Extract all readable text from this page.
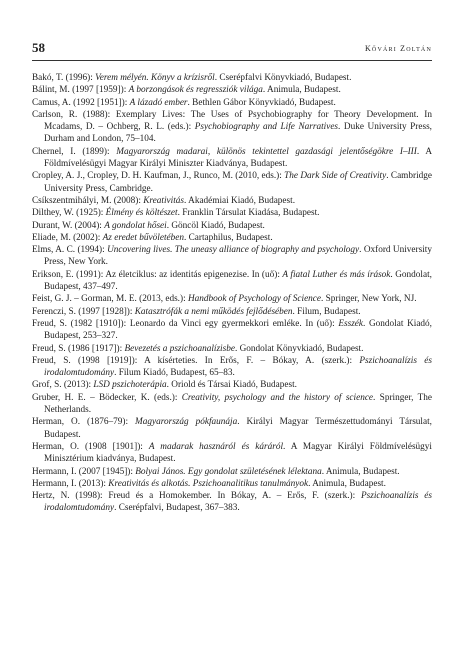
58	Kővári Zoltán
Bakó, T. (1996): Verem mélyén. Könyv a krízisről. Cserépfalvi Könyvkiadó, Budapest.
Bálint, M. (1997 [1959]): A borzongások és regressziók világa. Animula, Budapest.
Camus, A. (1992 [1951]): A lázadó ember. Bethlen Gábor Könyvkiadó, Budapest.
Carlson, R. (1988): Exemplary Lives: The Uses of Psychobiography for Theory Development. In Mcadams, D. – Ochberg, R. L. (eds.): Psychobiography and Life Narratives. Duke University Press, Durham and London, 75–104.
Chernel, I. (1899): Magyarország madarai, különös tekintettel gazdasági jelentőségökre I–III. A Földmívelésügyi Magyar Királyi Miniszter Kiadványa, Budapest.
Cropley, A. J., Cropley, D. H. Kaufman, J., Runco, M. (2010, eds.): The Dark Side of Creativity. Cambridge University Press, Cambridge.
Csíkszentmihályi, M. (2008): Kreativitás. Akadémiai Kiadó, Budapest.
Dilthey, W. (1925): Élmény és költészet. Franklin Társulat Kiadása, Budapest.
Durant, W. (2004): A gondolat hősei. Göncöl Kiadó, Budapest.
Eliade, M. (2002): Az eredet bűvöletében. Cartaphilus, Budapest.
Elms, A. C. (1994): Uncovering lives. The uneasy alliance of biography and psychology. Oxford University Press, New York.
Erikson, E. (1991): Az életciklus: az identitás epigenezise. In (uő): A fiatal Luther és más írások. Gondolat, Budapest, 437–497.
Feist, G. J. – Gorman, M. E. (2013, eds.): Handbook of Psychology of Science. Springer, New York, NJ.
Ferenczi, S. (1997 [1928]): Katasztrófák a nemi működés fejlődésében. Filum, Budapest.
Freud, S. (1982 [1910]): Leonardo da Vinci egy gyermekkori emléke. In (uő): Esszék. Gondolat Kiadó, Budapest, 253–327.
Freud, S. (1986 [1917]): Bevezetés a pszichoanalízisbe. Gondolat Könyvkiadó, Budapest.
Freud, S. (1998 [1919]): A kísérteties. In Erős, F. – Bókay, A. (szerk.): Pszichoanalízis és irodalomtudomány. Filum Kiadó, Budapest, 65–83.
Grof, S. (2013): LSD pszichoterápia. Oriold és Társai Kiadó, Budapest.
Gruber, H. E. – Bödecker, K. (eds.): Creativity, psychology and the history of science. Springer, The Netherlands.
Herman, O. (1876–79): Magyarország pókfaunája. Királyi Magyar Természettudományi Társulat, Budapest.
Herman, O. (1908 [1901]): A madarak hasznáról és káráról. A Magyar Királyi Földmívelésügyi Minisztérium kiadványa, Budapest.
Hermann, I. (2007 [1945]): Bolyai János. Egy gondolat születésének lélektana. Animula, Budapest.
Hermann, I. (2013): Kreativitás és alkotás. Pszichoanalitikus tanulmányok. Animula, Budapest.
Hertz, N. (1998): Freud és a Homokember. In Bókay, A. – Erős, F. (szerk.): Pszichoanalízis és irodalomtudomány. Cserépfalvi, Budapest, 367–383.
